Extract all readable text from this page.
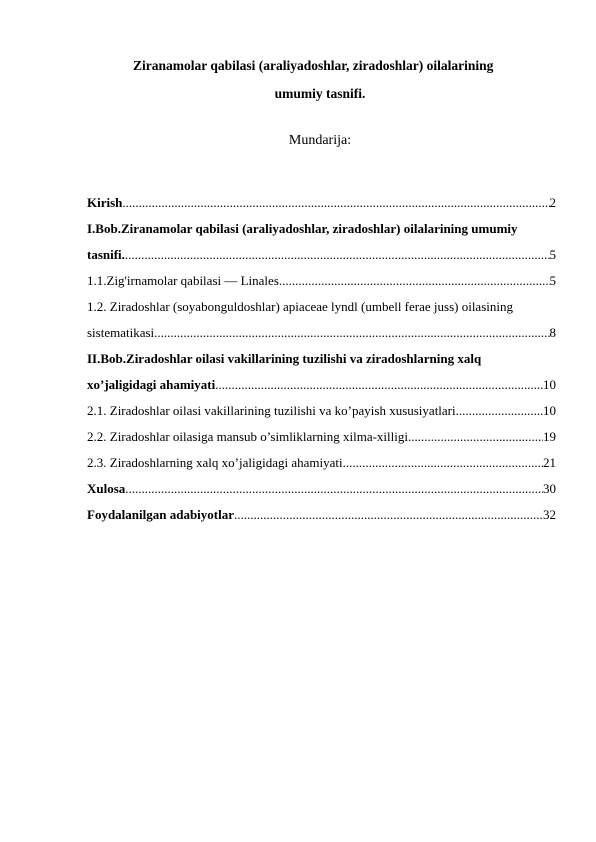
Ziranamolar qabilasi (araliyadoshlar, ziradoshlar) oilalarining
umumiy tasnifi.
Mundarija:
Kirish .....	2
I.Bob.Ziranamolar qabilasi (araliyadoshlar, ziradoshlar) oilalarining umumiy
tasnifi. .....	5
1.1.Zig'irnamolar qabilasi — Linales .....	5
1.2. Ziradoshlar (soyabonguldoshlar) apiaceae lyndl (umbell ferae juss) oilasining
sistematikasi .....	8
II.Bob.Ziradoshlar oilasi vakillarining tuzilishi va ziradoshlarning xalq
xo’jaligidagi ahamiyati .....	10
2.1. Ziradoshlar oilasi vakillarining tuzilishi va ko’payish xususiyatlari .....	10
2.2. Ziradoshlar oilasiga mansub o’simliklarning xilma-xilligi .....	19
2.3. Ziradoshlarning xalq xo’jaligidagi ahamiyati .....	21
Xulosa .....	30
Foydalanilgan adabiyotlar .....	32
